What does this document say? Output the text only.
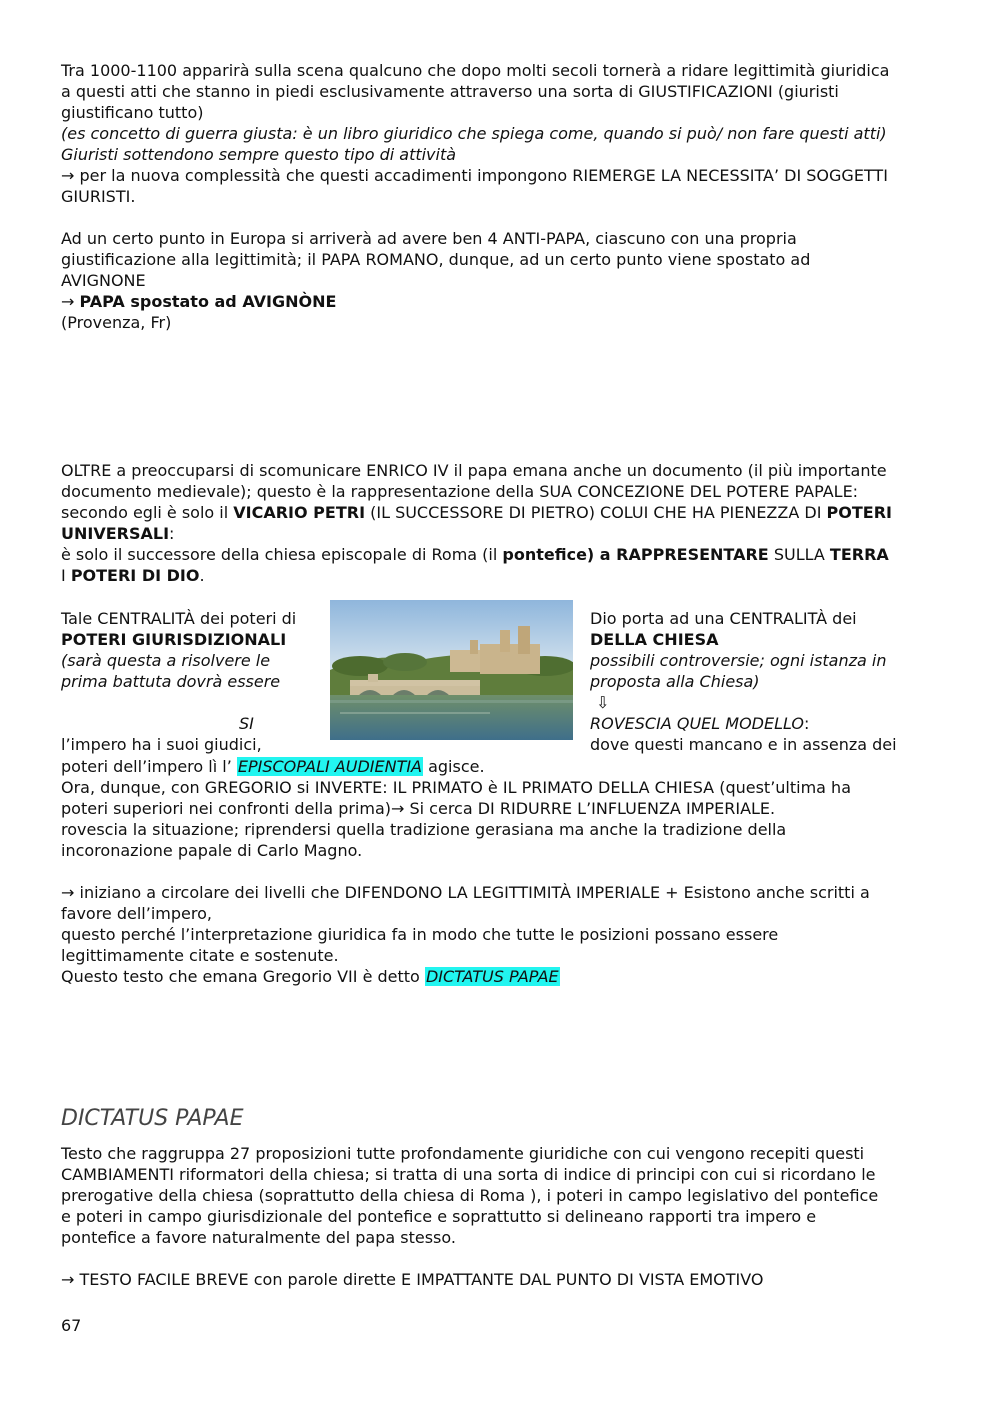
Tra 1000-1100 apparirà sulla scena qualcuno che dopo molti secoli tornerà a ridare legittimità giuridica
a questi atti che stanno in piedi esclusivamente attraverso una sorta di GIUSTIFICAZIONI (giuristi
giustificano tutto)
(es concetto di guerra giusta: è un libro giuridico che spiega come, quando si può/ non fare questi atti)
Giuristi sottendono sempre questo tipo di attività
→ per la nuova complessità che questi accadimenti impongono RIEMERGE LA NECESSITA’ DI SOGGETTI
GIURISTI.
Ad un certo punto in Europa si arriverà ad avere ben 4 ANTI-PAPA, ciascuno con una propria
giustificazione alla legittimità; il PAPA ROMANO, dunque, ad un certo punto viene spostato ad
AVIGNONE
→ PAPA spostato ad AVIGNÒNE
(Provenza, Fr)
OLTRE a preoccuparsi di scomunicare ENRICO IV il papa emana anche un documento (il più importante
documento medievale); questo è la rappresentazione della SUA CONCEZIONE DEL POTERE PAPALE:
secondo egli è solo il VICARIO PETRI (IL SUCCESSORE DI PIETRO) COLUI CHE HA PIENEZZA DI POTERI
UNIVERSALI:
è solo il successore della chiesa episcopale di Roma (il pontefice) a RAPPRESENTARE SULLA TERRA
I POTERI DI DIO.
Tale CENTRALITÀ dei poteri di
POTERI GIURISDIZIONALI
(sarà questa a risolvere le
prima battuta dovrà essere
SI
l’impero ha i suoi giudici,
Dio porta ad una CENTRALITÀ dei
DELLA CHIESA
possibili controversie; ogni istanza in
proposta alla Chiesa)
⇩
ROVESCIA QUEL MODELLO:
dove questi mancano e in assenza dei
poteri dell’impero lì l’ EPISCOPALI AUDIENTIA agisce.
Ora, dunque, con GREGORIO si INVERTE: IL PRIMATO è IL PRIMATO DELLA CHIESA (quest’ultima ha
poteri superiori nei confronti della prima)→ Si cerca DI RIDURRE L’INFLUENZA IMPERIALE.
rovescia la situazione; riprendersi quella tradizione gerasiana ma anche la tradizione della
incoronazione papale di Carlo Magno.
→ iniziano a circolare dei livelli che DIFENDONO LA LEGITTIMITÀ IMPERIALE + Esistono anche scritti a
favore dell’impero,
questo perché l’interpretazione giuridica fa in modo che tutte le posizioni possano essere
legittimamente citate e sostenute.
Questo testo che emana Gregorio VII è detto DICTATUS PAPAE
DICTATUS PAPAE
Testo che raggruppa 27 proposizioni tutte profondamente giuridiche con cui vengono recepiti questi
CAMBIAMENTI riformatori della chiesa; si tratta di una sorta di indice di principi con cui si ricordano le
prerogative della chiesa (soprattutto della chiesa di Roma ), i poteri in campo legislativo del pontefice
e poteri in campo giurisdizionale del pontefice e soprattutto si delineano rapporti tra impero e
pontefice a favore naturalmente del papa stesso.
→ TESTO FACILE BREVE con parole dirette E IMPATTANTE DAL PUNTO DI VISTA EMOTIVO
67
